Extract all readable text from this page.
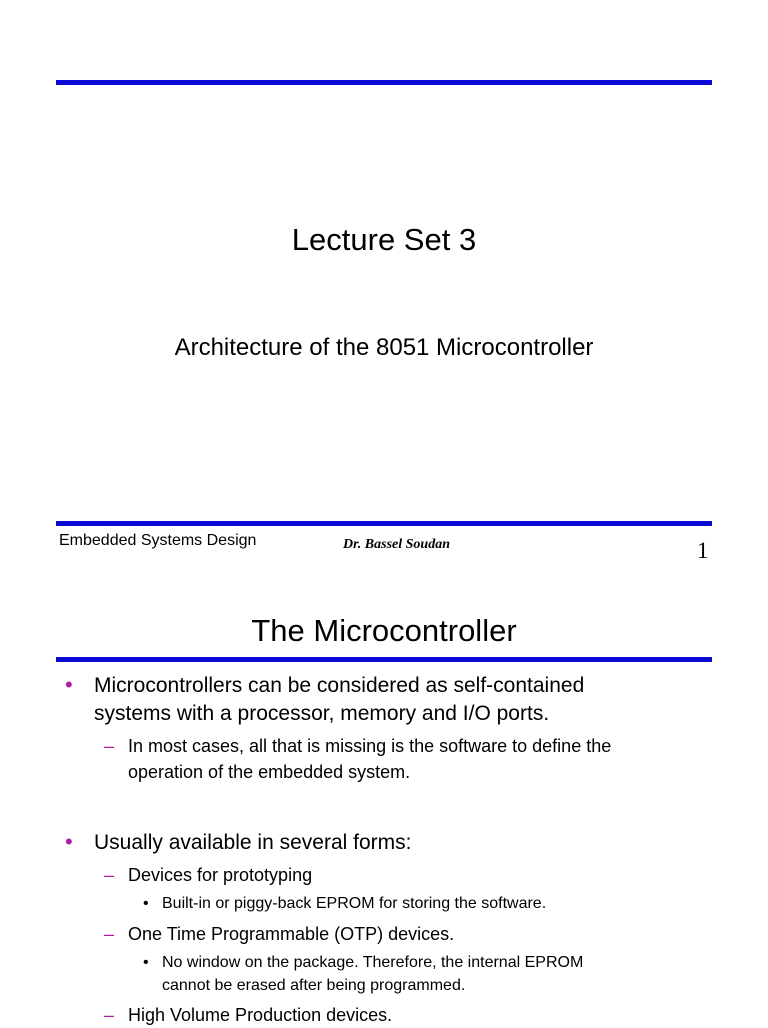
Lecture Set 3
Architecture of the 8051 Microcontroller
Embedded Systems Design	Dr. Bassel Soudan	1
The Microcontroller
• Microcontrollers can be considered as self-contained
systems with a processor, memory and I/O ports.
– In most cases, all that is missing is the software to define the
operation of the embedded system.
• Usually available in several forms:
– Devices for prototyping
• Built-in or piggy-back EPROM for storing the software.
– One Time Programmable (OTP) devices.
• No window on the package. Therefore, the internal EPROM
cannot be erased after being programmed.
– High Volume Production devices.
